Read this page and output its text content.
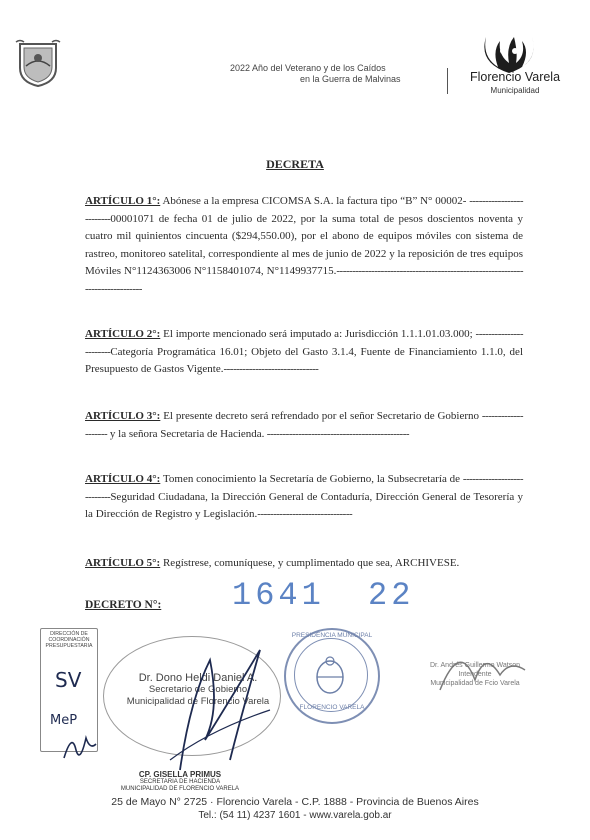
2022 Año del Veterano y de los Caídos
en la Guerra de Malvinas	Florencio Varela
Municipalidad
DECRETA
ARTÍCULO 1°: Abónese a la empresa CICOMSA S.A. la factura tipo “B” N° 00002- -------------------------00001071 de fecha 01 de julio de 2022, por la suma total de pesos doscientos noventa y cuatro mil quinientos cincuenta ($294,550.00), por el abono de equipos móviles con sistema de rastreo, monitoreo satelital, correspondiente al mes de junio de 2022 y la reposición de tres equipos Móviles N°1124363006 N°1158401074, N°1149937715.-----------------------------------------------------------------------------
ARTÍCULO 2°: El importe mencionado será imputado a: Jurisdicción 1.1.1.01.03.000; -----------------------Categoría Programática 16.01; Objeto del Gasto 3.1.4, Fuente de Financiamiento 1.1.0, del Presupuesto de Gastos Vigente.------------------------------
ARTÍCULO 3°: El presente decreto será refrendado por el señor Secretario de Gobierno -------------------- y la señora Secretaria de Hacienda. ---------------------------------------------
ARTÍCULO 4°: Tomen conocimiento la Secretaría de Gobierno, la Subsecretaría de ---------------------------Seguridad Ciudadana, la Dirección General de Contaduría, Dirección General de Tesorería y la Dirección de Registro y Legislación.------------------------------
ARTÍCULO 5°: Regístrese, comuníquese, y cumplimentado que sea, ARCHIVESE.
DECRETO N°: 1641 22
DIRECCIÓN DE COORDINACIÓN PRESUPUESTARIA
SV
MeP
Dr. Dono Heldi Daniel A.
Secretario de Gobierno
Municipalidad de Florencio Varela
PRESIDENCIA MUNICIPAL
FLORENCIO VARELA
Dr. Andrés Guillermo Watson
Intendente
Municipalidad de Fcio Varela
CP. GISELLA PRIMUS
SECRETARIA DE HACIENDA
MUNICIPALIDAD DE FLORENCIO VARELA
25 de Mayo N° 2725 · Florencio Varela - C.P. 1888 - Provincia de Buenos Aires
Tel.: (54 11) 4237 1601 - www.varela.gob.ar
